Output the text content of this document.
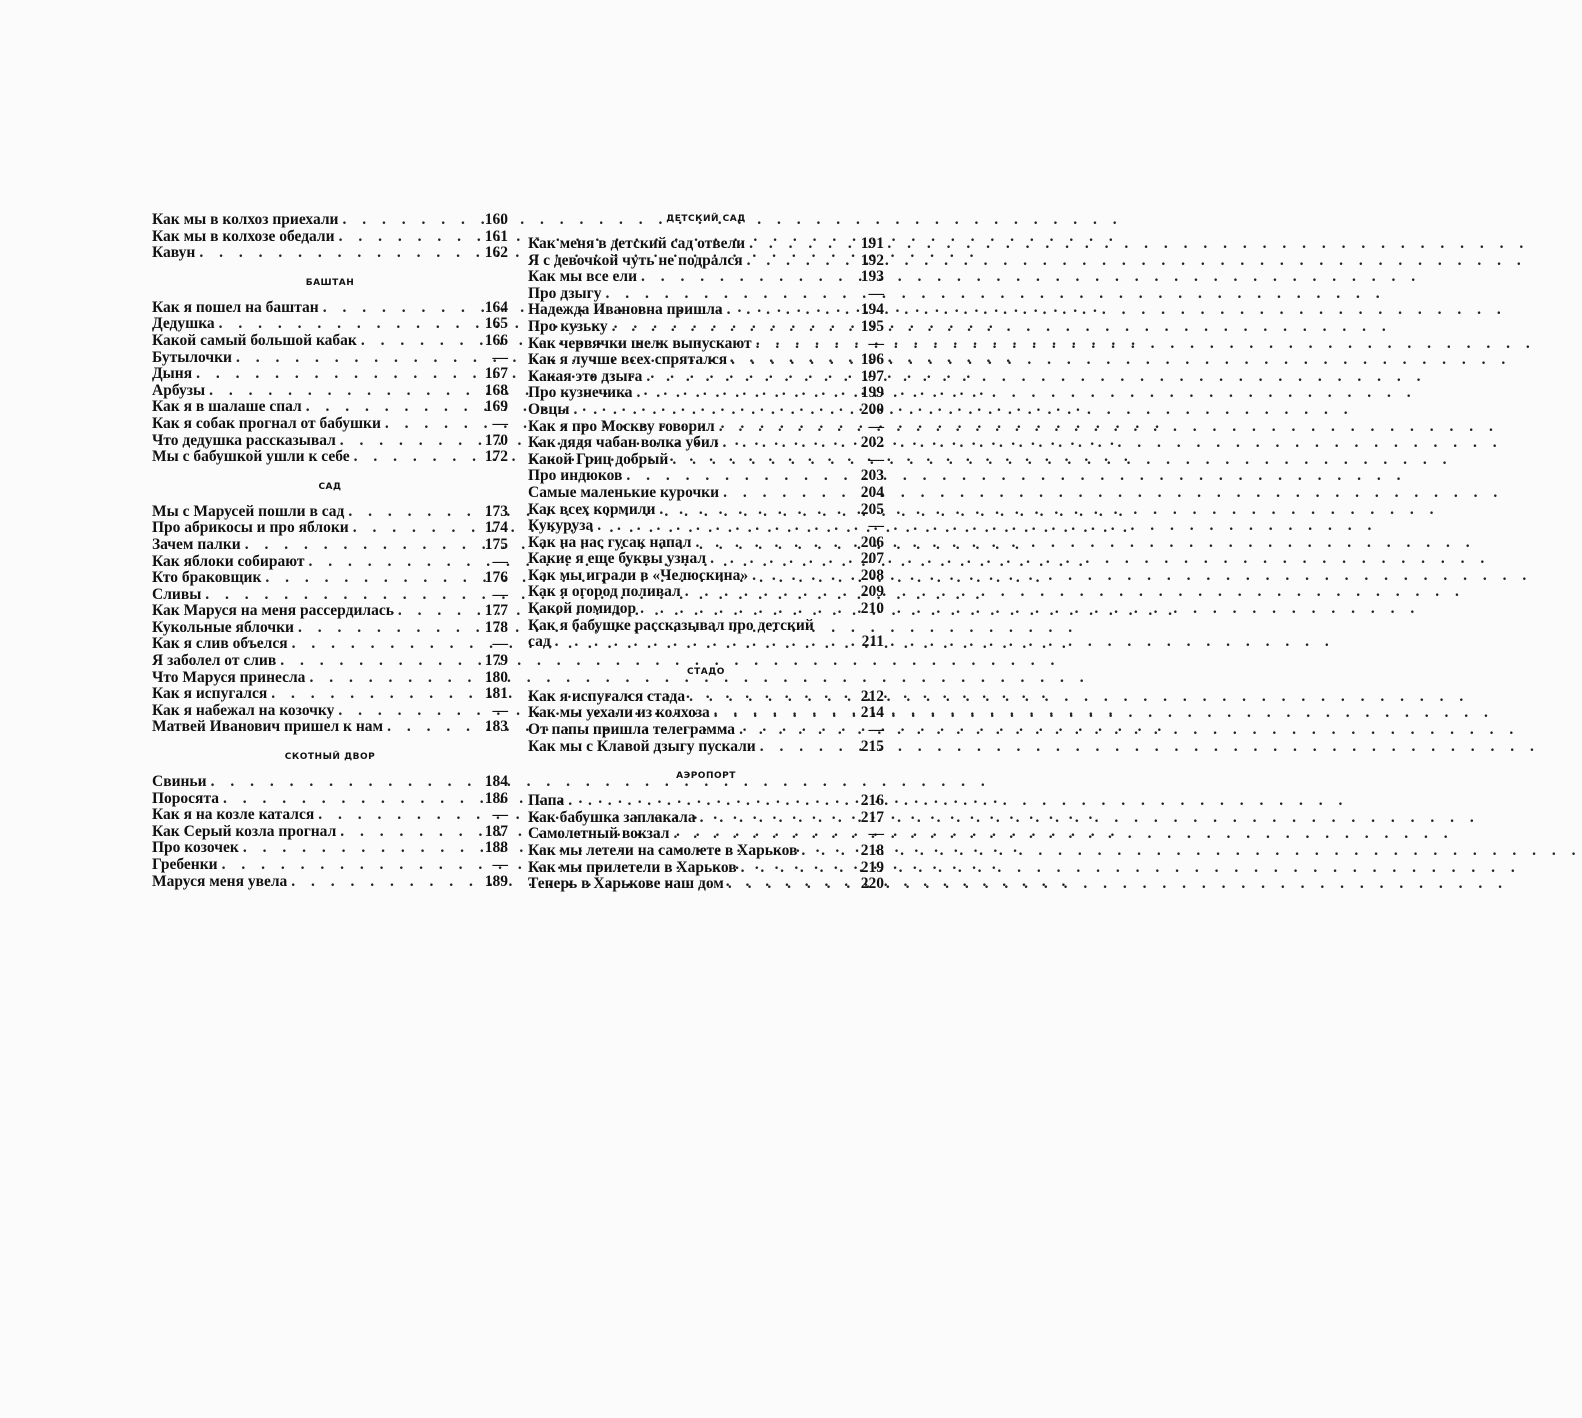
Как мы в колхоз приехали . . .	160
Как мы в колхозе обедали . . .	161
Кавун . . .	162
БАШТАН
Как я пошел на баштан . . .	164
Дедушка . . .	165
Какой самый большой кабак . . .	166
Бутылочки . . .	—
Дыня . . .	167
Арбузы . . .	168
Как я в шалаше спал . . .	169
Как я собак прогнал от бабушки . . .	—
Что дедушка рассказывал . . .	170
Мы с бабушкой ушли к себе . . .	172
САД
Мы с Марусей пошли в сад . . .	173
Про абрикосы и про яблоки . . .	174
Зачем палки . . .	175
Как яблоки собирают . . .	—
Кто браковщик . . .	176
Сливы . . .	—
Как Маруся на меня рассердилась . . .	177
Кукольные яблочки . . .	178
Как я слив объелся . . .	—
Я заболел от слив . . .	179
Что Маруся принесла . . .	180
Как я испугался . . .	181
Как я набежал на козочку . . .	—
Матвей Иванович пришел к нам . . .	183
СКОТНЫЙ ДВОР
Свиньи . . .	184
Поросята . . .	186
Как я на козле катался . . .	—
Как Серый козла прогнал . . .	187
Про козочек . . .	188
Гребенки . . .	—
Маруся меня увела . . .	189
ДЕТСКИЙ САД
Как меня в детский сад отвели . . .	191
Я с девочкой чуть не подрался . . .	192
Как мы все ели . . .	193
Про дзыгу . . .	—
Надежда Ивановна пришла . . .	194
Про кузьку . . .	195
Как червячки шелк выпускают . . .	—
Как я лучше всех спрятался . . .	196
Какая это дзыга . . .	197
Про кузнечика . . .	199
Овцы . . .	200
Как я про Москву говорил . . .	—
Как дядя чабан волка убил . . .	202
Какой Гриц добрый . . .	—
Про индюков . . .	203
Самые маленькие курочки . . .	204
Как всех кормили . . .	205
Кукуруза . . .	—
Как на нас гусак напал . . .	206
Какие я еще буквы узнал . . .	207
Как мы играли в «Челюскина» . . .	208
Как я огород поливал . . .	209
Какой помидор . . .	210
Как я бабушке рассказывал про детский
сад . . .	211
СТАДО
Как я испугался стада . . .	212
Как мы уехали из колхоза . . .	214
От папы пришла телеграмма . . .	—
Как мы с Клавой дзыгу пускали . . .	215
АЭРОПОРТ
Папа . . .	216
Как бабушка заплакала . . .	217
Самолетный вокзал . . .	—
Как мы летели на самолете в Харьков . . .	218
Как мы прилетели в Харьков . . .	219
Теперь в Харькове наш дом . . .	220
